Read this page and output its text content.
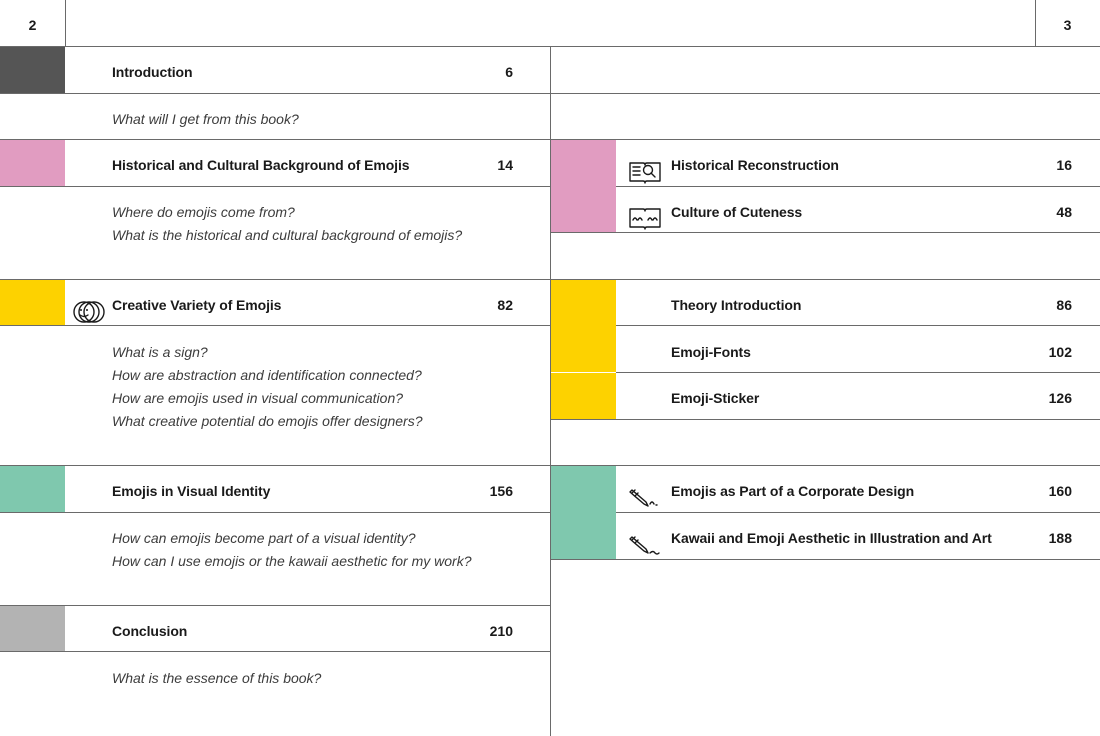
2	3
Introduction	6
What will I get from this book?
Historical and Cultural Background of Emojis	14
Where do emojis come from?
What is the historical and cultural background of emojis?
Creative Variety of Emojis	82
What is a sign?
How are abstraction and identification connected?
How are emojis used in visual communication?
What creative potential do emojis offer designers?
Emojis in Visual Identity	156
How can emojis become part of a visual identity?
How can I use emojis or the kawaii aesthetic for my work?
Conclusion	210
What is the essence of this book?
Historical Reconstruction	16
Culture of Cuteness	48
Theory Introduction	86
Emoji-Fonts	102
Emoji-Sticker	126
Emojis as Part of a Corporate Design	160
Kawaii and Emoji Aesthetic in Illustration and Art	188
